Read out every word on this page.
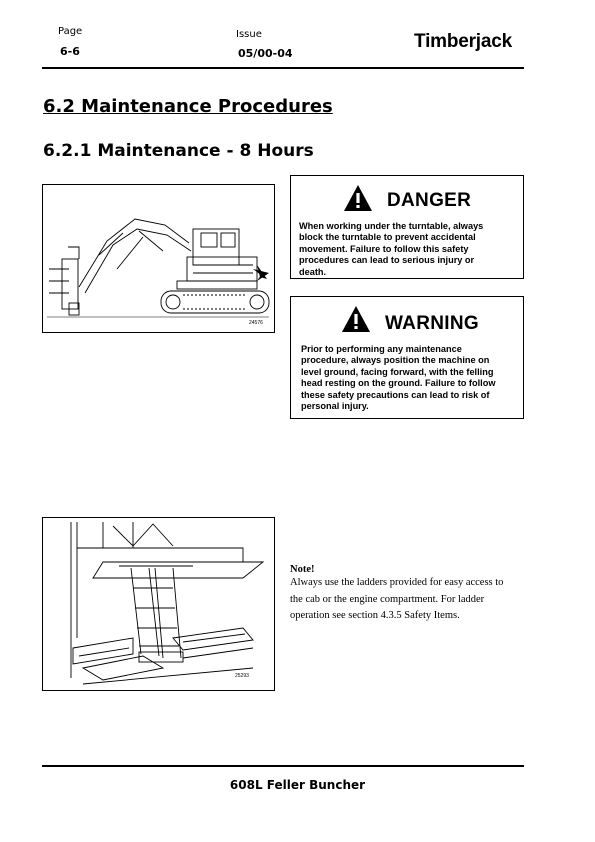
Page
6-6
Issue
05/00-04
Timberjack
6.2 Maintenance Procedures
6.2.1 Maintenance - 8 Hours
24576
DANGER
When working under the turntable, always
block the turntable to prevent accidental
movement. Failure to follow this safety
procedures can lead to serious injury or
death.
WARNING
Prior to performing any maintenance
procedure, always position the machine on
level ground, facing forward, with the felling
head resting on the ground. Failure to follow
these safety precautions can lead to risk of
personal injury.
25293
Note!
Always use the ladders provided for easy access to
the cab or the engine compartment. For ladder
operation see section 4.3.5 Safety Items.
608L Feller Buncher
